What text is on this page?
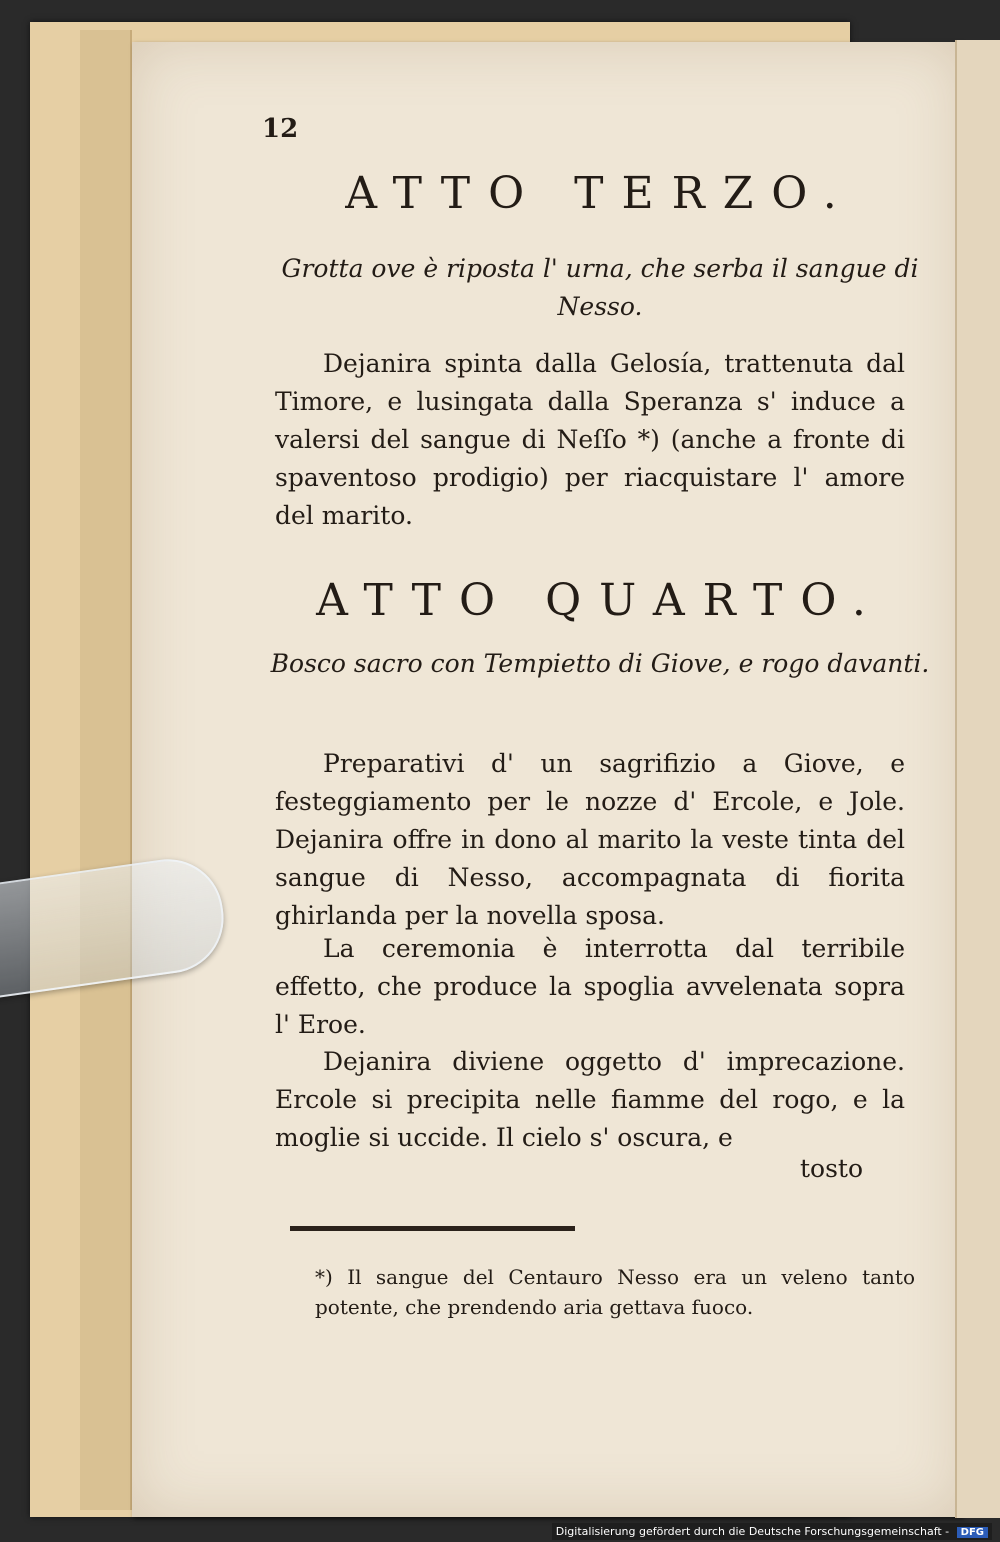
12
ATTO TERZO.
Grotta ove è riposta l' urna, che serba il sangue di Nesso.
Dejanira spinta dalla Gelosía, trattenuta dal Timore, e lusingata dalla Speranza s' induce a valersi del sangue di Neſſo *) (anche a fronte di spaventoso prodigio) per riacquistare l' amore del marito.
ATTO QUARTO.
Bosco sacro con Tempietto di Giove, e rogo davanti.
Preparativi d' un sagrifizio a Giove, e festeggiamento per le nozze d' Ercole, e Jole. Dejanira offre in dono al marito la veste tinta del sangue di Nesso, accompagnata di fiorita ghirlanda per la novella sposa.
La ceremonia è interrotta dal terribile effetto, che produce la spoglia avvelenata sopra l' Eroe.
Dejanira diviene oggetto d' imprecazione. Ercole si precipita nelle fiamme del rogo, e la moglie si uccide. Il cielo s' oscura, e
tosto
*) Il sangue del Centauro Nesso era un veleno tanto potente, che prendendo aria gettava fuoco.
Digitalisierung gefördert durch die Deutsche Forschungsgemeinschaft - DFG
